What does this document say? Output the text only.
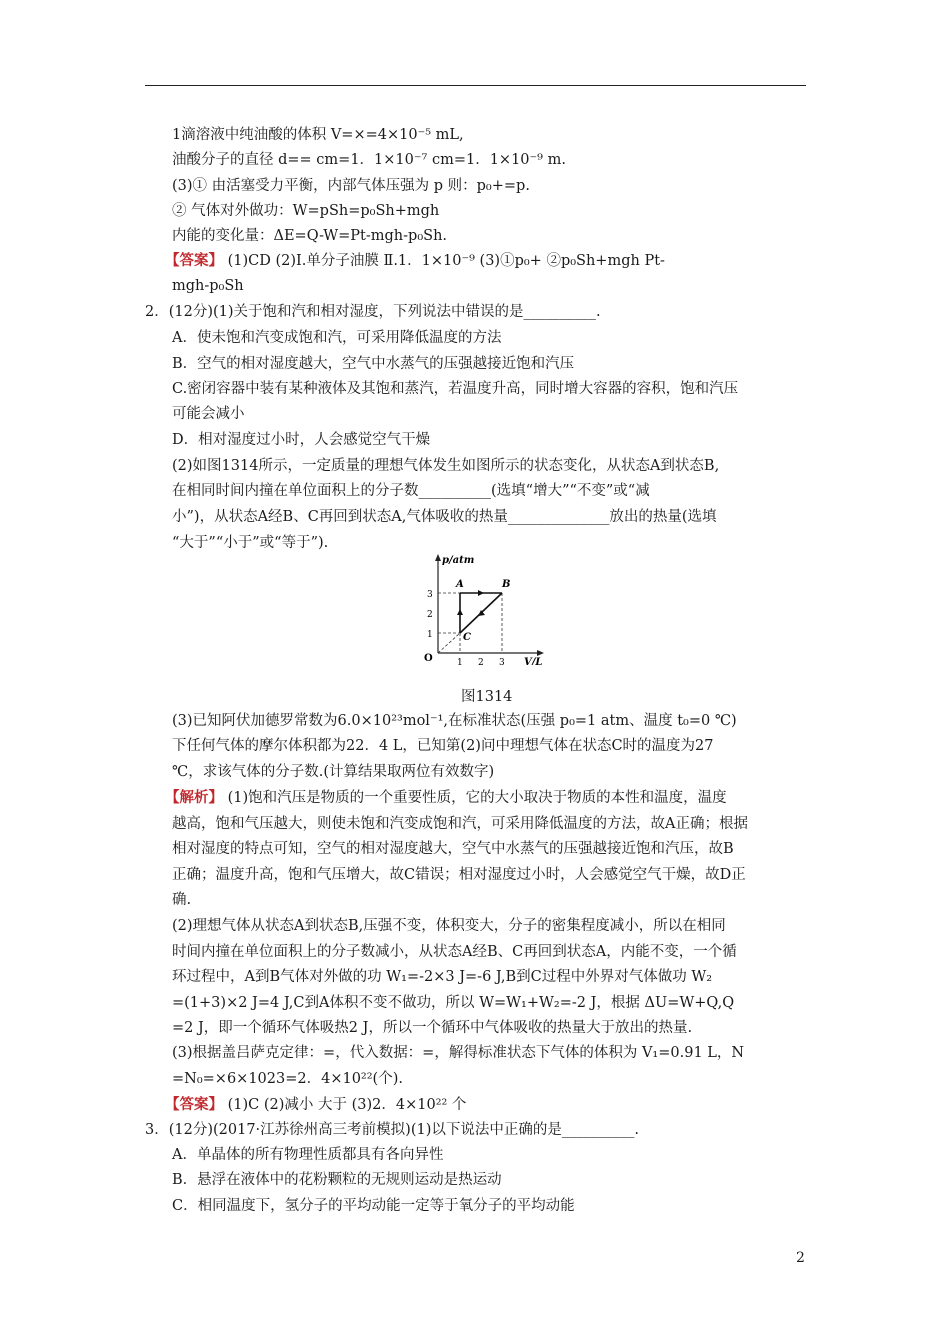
1滴溶液中纯油酸的体积 V=×=4×10⁻⁵ mL,
油酸分子的直径 d== cm=1．1×10⁻⁷ cm=1．1×10⁻⁹ m.
(3)① 由活塞受力平衡，内部气体压强为 p 则：p₀+=p.
② 气体对外做功：W=pSh=p₀Sh+mgh
内能的变化量：ΔE=Q-W=Pt-mgh-p₀Sh.
【答案】 (1)CD (2)Ⅰ.单分子油膜 Ⅱ.1．1×10⁻⁹ (3)①p₀+ ②p₀Sh+mgh Pt-
mgh-p₀Sh
2．(12分)(1)关于饱和汽和相对湿度，下列说法中错误的是__________.
A．使未饱和汽变成饱和汽，可采用降低温度的方法
B．空气的相对湿度越大，空气中水蒸气的压强越接近饱和汽压
C.密闭容器中装有某种液体及其饱和蒸汽，若温度升高，同时增大容器的容积，饱和汽压
可能会减小
D．相对湿度过小时，人会感觉空气干燥
(2)如图1314所示，一定质量的理想气体发生如图所示的状态变化，从状态A到状态B,
在相同时间内撞在单位面积上的分子数__________(选填“增大”“不变”或“减
小”)，从状态A经B、C再回到状态A,气体吸收的热量______________放出的热量(选填
“大于”“小于”或“等于”).
(3)已知阿伏加德罗常数为6.0×10²³mol⁻¹,在标准状态(压强 p₀=1 atm、温度 t₀=0 ℃)
下任何气体的摩尔体积都为22．4 L，已知第(2)问中理想气体在状态C时的温度为27
℃，求该气体的分子数.(计算结果取两位有效数字)
【解析】 (1)饱和汽压是物质的一个重要性质，它的大小取决于物质的本性和温度，温度
越高，饱和气压越大，则使未饱和汽变成饱和汽，可采用降低温度的方法，故A正确；根据
相对湿度的特点可知，空气的相对湿度越大，空气中水蒸气的压强越接近饱和汽压，故B
正确；温度升高，饱和气压增大，故C错误；相对湿度过小时，人会感觉空气干燥，故D正
确.
(2)理想气体从状态A到状态B,压强不变，体积变大，分子的密集程度减小，所以在相同
时间内撞在单位面积上的分子数减小，从状态A经B、C再回到状态A，内能不变，一个循
环过程中，A到B气体对外做的功 W₁=-2×3 J=-6 J,B到C过程中外界对气体做功 W₂
=(1+3)×2 J=4 J,C到A体积不变不做功，所以 W=W₁+W₂=-2 J，根据 ΔU=W+Q,Q
=2 J，即一个循环气体吸热2 J，所以一个循环中气体吸收的热量大于放出的热量.
(3)根据盖吕萨克定律：=，代入数据：=，解得标准状态下气体的体积为 V₁=0.91 L，N
=N₀=×6×1023=2．4×10²²(个).
【答案】 (1)C (2)减小 大于 (3)2．4×10²² 个
3．(12分)(2017·江苏徐州高三考前模拟)(1)以下说法中正确的是__________.
A．单晶体的所有物理性质都具有各向异性
B．悬浮在液体中的花粉颗粒的无规则运动是热运动
C．相同温度下，氢分子的平均动能一定等于氧分子的平均动能
p/atm
V/L
O
1
2
3
1 2 3
A	B
C
图1314
2
